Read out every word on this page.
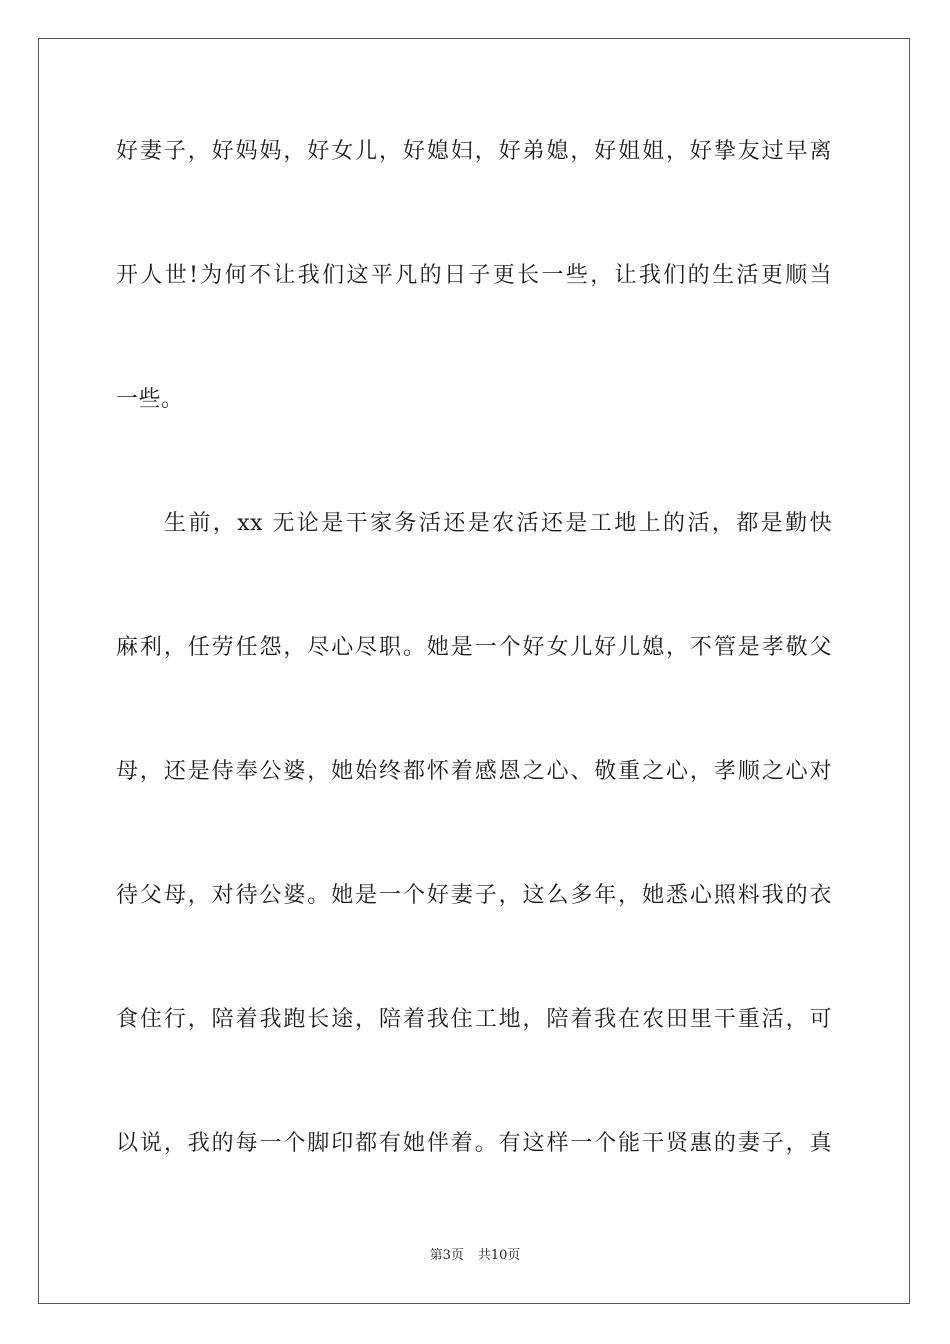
好妻子，好妈妈，好女儿，好媳妇，好弟媳，好姐姐，好挚友过早离
开人世!为何不让我们这平凡的日子更长一些，让我们的生活更顺当
一些。
生前，xx 无论是干家务活还是农活还是工地上的活，都是勤快
麻利，任劳任怨，尽心尽职。她是一个好女儿好儿媳，不管是孝敬父
母，还是侍奉公婆，她始终都怀着感恩之心、敬重之心，孝顺之心对
待父母，对待公婆。她是一个好妻子，这么多年，她悉心照料我的衣
食住行，陪着我跑长途，陪着我住工地，陪着我在农田里干重活，可
以说，我的每一个脚印都有她伴着。有这样一个能干贤惠的妻子，真
第3页 共10页
